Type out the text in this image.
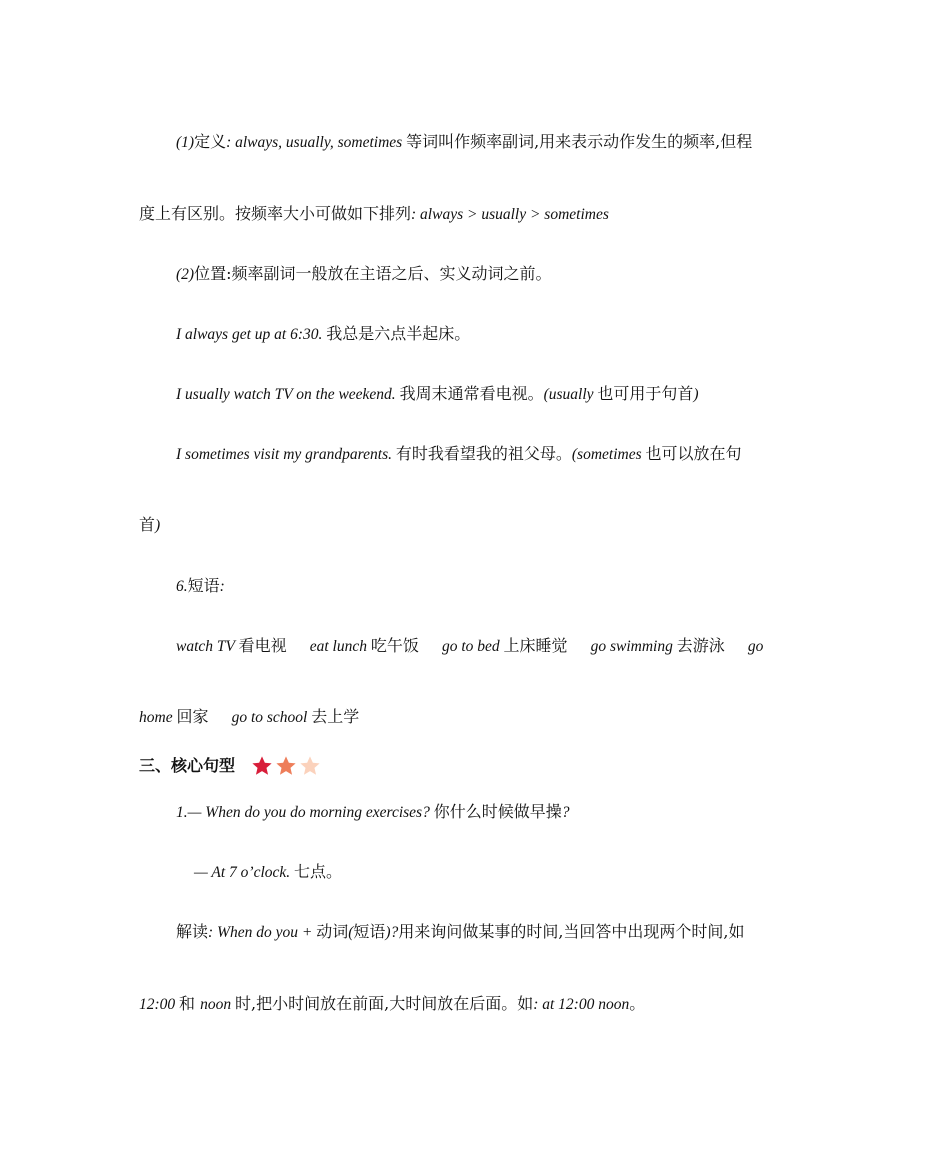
(1)定义: always, usually, sometimes 等词叫作频率副词,用来表示动作发生的频率,但程
度上有区别。按频率大小可做如下排列: always > usually > sometimes
(2)位置:频率副词一般放在主语之后、实义动词之前。
I always get up at 6:30. 我总是六点半起床。
I usually watch TV on the weekend. 我周末通常看电视。(usually 也可用于句首)
I sometimes visit my grandparents. 有时我看望我的祖父母。(sometimes 也可以放在句
首)
6.短语:
watch TV 看电视 eat lunch 吃午饭 go to bed 上床睡觉 go swimming 去游泳 go
home 回家 go to school 去上学
三、核心句型
1.— When do you do morning exercises? 你什么时候做早操?
— At 7 o’clock. 七点。
解读: When do you + 动词(短语)?用来询问做某事的时间,当回答中出现两个时间,如
12:00 和 noon 时,把小时间放在前面,大时间放在后面。如: at 12:00 noon。
